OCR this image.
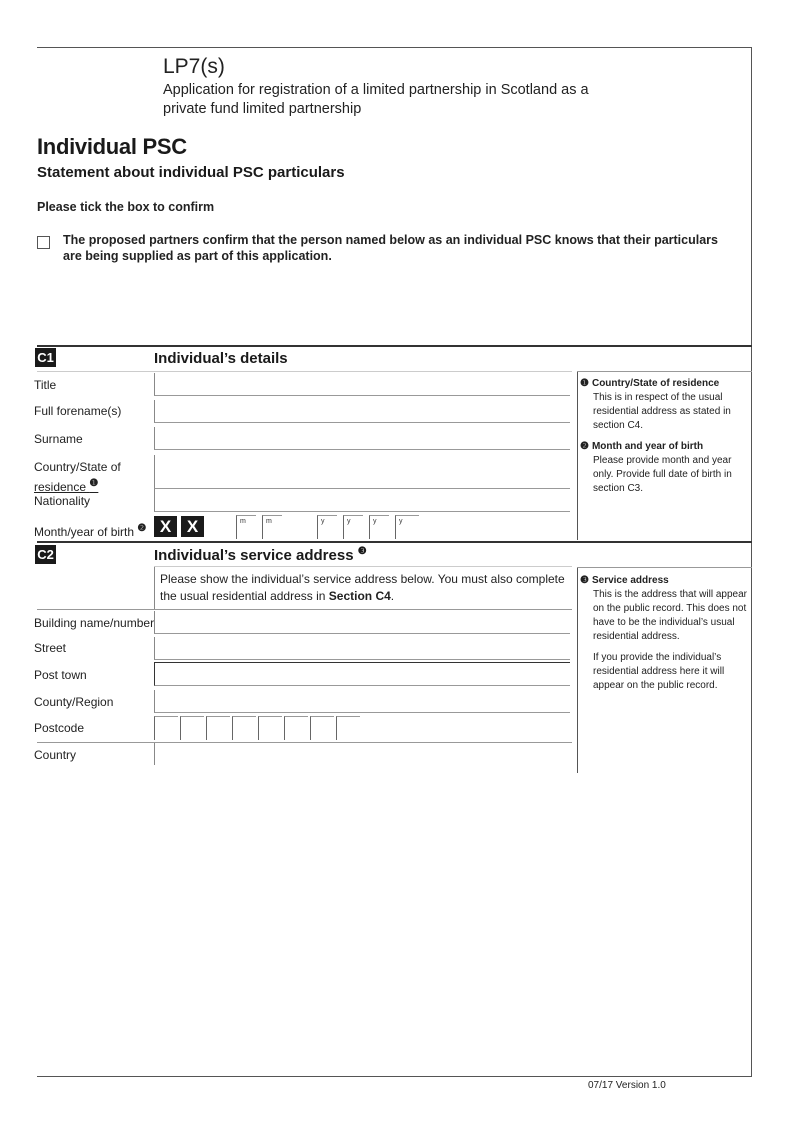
LP7(s)
Application for registration of a limited partnership in Scotland as a private fund limited partnership
Individual PSC
Statement about individual PSC particulars
Please tick the box to confirm
The proposed partners confirm that the person named below as an individual PSC knows that their particulars are being supplied as part of this application.
C1	Individual’s details
Title
Full forename(s)
Surname
Country/State of
residence $^❶$
Nationality
Month/year of birth $^❷$ X X	m	m	y	y	y	y
❶ Country/State of residence
This is in respect of the usual residential address as stated in section C4.
❷ Month and year of birth
Please provide month and year only. Provide full date of birth in section C3.
C2	Individual’s service address $^❸$
Please show the individual’s service address below. You must also complete the usual residential address in Section C4.
Building name/number
Street
Post town
County/Region
Postcode
Country
❸ Service address
This is the address that will appear on the public record. This does not have to be the individual’s usual residential address.
If you provide the individual’s residential address here it will appear on the public record.
07/17 Version 1.0
